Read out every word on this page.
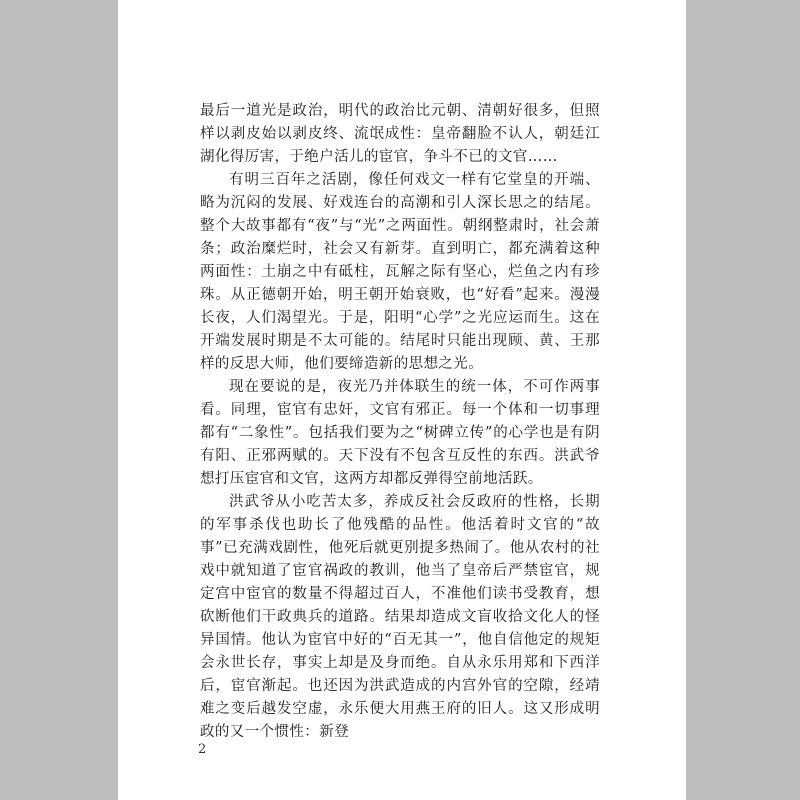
最后一道光是政治，明代的政治比元朝、清朝好很多，但照样以剥皮始以剥皮终、流氓成性：皇帝翻脸不认人，朝廷江湖化得厉害，于绝户活儿的宦官，争斗不已的文官……

有明三百年之活剧，像任何戏文一样有它堂皇的开端、略为沉闷的发展、好戏连台的高潮和引人深长思之的结尾。整个大故事都有“夜”与“光”之两面性。朝纲整肃时，社会萧条；政治糜烂时，社会又有新芽。直到明亡，都充满着这种两面性：土崩之中有砥柱，瓦解之际有坚心，烂鱼之内有珍珠。从正德朝开始，明王朝开始衰败，也“好看”起来。漫漫长夜，人们渴望光。于是，阳明“心学”之光应运而生。这在开端发展时期是不太可能的。结尾时只能出现顾、黄、王那样的反思大师，他们要缔造新的思想之光。

现在要说的是，夜光乃并体联生的统一体，不可作两事看。同理，宦官有忠奸，文官有邪正。每一个体和一切事理都有“二象性”。包括我们要为之“树碑立传”的心学也是有阴有阳、正邪两赋的。天下没有不包含互反性的东西。洪武爷想打压宦官和文官，这两方却都反弹得空前地活跃。

洪武爷从小吃苦太多，养成反社会反政府的性格，长期的军事杀伐也助长了他残酷的品性。他活着时文官的“故事”已充满戏剧性，他死后就更别提多热闹了。他从农村的社戏中就知道了宦官祸政的教训，他当了皇帝后严禁宦官，规定宫中宦官的数量不得超过百人，不准他们读书受教育，想砍断他们干政典兵的道路。结果却造成文盲收拾文化人的怪异国情。他认为宦官中好的“百无其一”，他自信他定的规矩会永世长存，事实上却是及身而绝。自从永乐用郑和下西洋后，宦官渐起。也还因为洪武造成的内宫外官的空隙，经靖难之变后越发空虚，永乐便大用燕王府的旧人。这又形成明政的又一个惯性：新登

2
